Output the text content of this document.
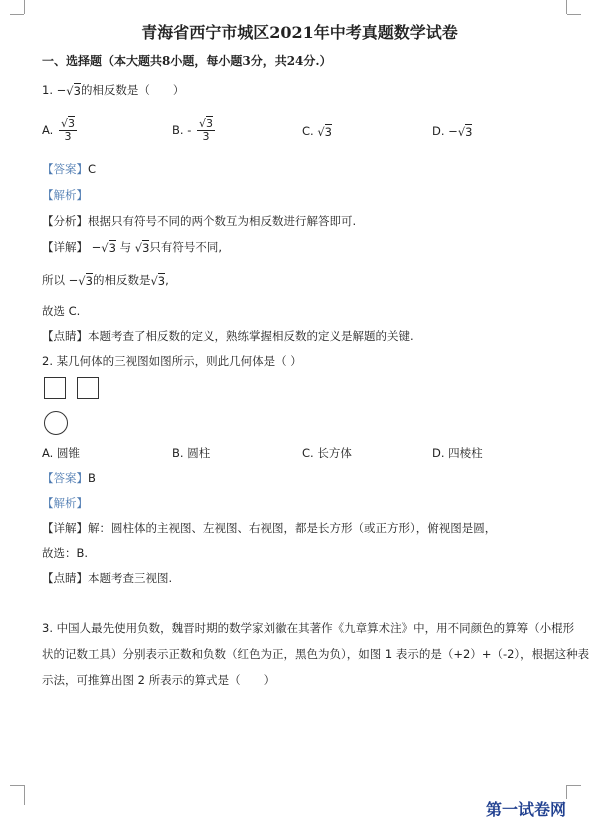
青海省西宁市城区2021年中考真题数学试卷
一、选择题（本大题共8小题，每小题3分，共24分.）
1. −√3的相反数是（　　）
A. $\frac{√3}{3}$	B. - $\frac{√3}{3}$	C. √3	D. −√3
【答案】C
【解析】
【分析】根据只有符号不同的两个数互为相反数进行解答即可.
【详解】 −√3 与 √3只有符号不同,
所以 −√3的相反数是√3,
故选 C.
【点睛】本题考查了相反数的定义，熟练掌握相反数的定义是解题的关键.
2. 某几何体的三视图如图所示，则此几何体是（ ）
A. 圆锥	B. 圆柱	C. 长方体	D. 四棱柱
【答案】B
【解析】
【详解】解：圆柱体的主视图、左视图、右视图，都是长方形（或正方形），俯视图是圆，
故选：B.
【点睛】本题考查三视图.
3. 中国人最先使用负数，魏晋时期的数学家刘徽在其著作《九章算术注》中，用不同颜色的算筹（小棍形
状的记数工具）分别表示正数和负数（红色为正，黑色为负），如图 1 表示的是（+2）+（-2），根据这种表
示法，可推算出图 2 所表示的算式是（　　）
第一试卷网
